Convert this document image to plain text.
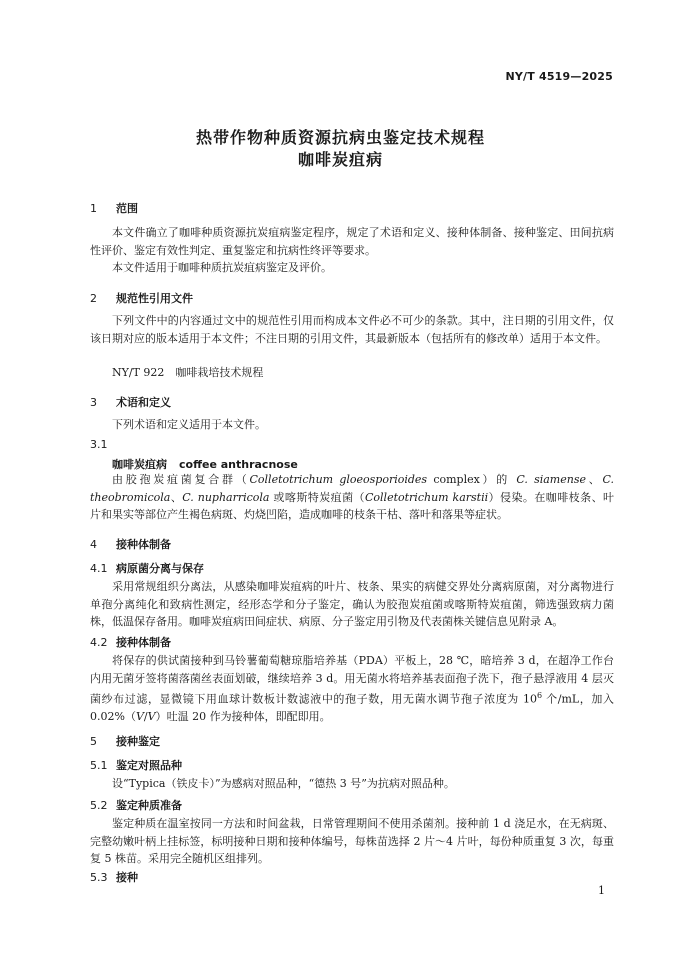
NY/T 4519—2025
热带作物种质资源抗病虫鉴定技术规程
咖啡炭疽病
1 范围

本文件确立了咖啡种质资源抗炭疽病鉴定程序，规定了术语和定义、接种体制备、接种鉴定、田间抗病性评价、鉴定有效性判定、重复鉴定和抗病性终评等要求。

本文件适用于咖啡种质抗炭疽病鉴定及评价。

2 规范性引用文件

下列文件中的内容通过文中的规范性引用而构成本文件必不可少的条款。其中，注日期的引用文件，仅该日期对应的版本适用于本文件；不注日期的引用文件，其最新版本（包括所有的修改单）适用于本文件。

NY/T 922　咖啡栽培技术规程

3 术语和定义

下列术语和定义适用于本文件。

3.1
咖啡炭疽病 coffee anthracnose

由胶孢炭疽菌复合群（Colletotrichum gloeosporioides complex）的 C. siamense、C. theobromicola、C. nupharricola 或喀斯特炭疽菌（Colletotrichum karstii）侵染。在咖啡枝条、叶片和果实等部位产生褐色病斑、灼烧凹陷，造成咖啡的枝条干枯、落叶和落果等症状。

4 接种体制备
4.1 病原菌分离与保存

采用常规组织分离法，从感染咖啡炭疽病的叶片、枝条、果实的病健交界处分离病原菌，对分离物进行单孢分离纯化和致病性测定，经形态学和分子鉴定，确认为胶孢炭疽菌或喀斯特炭疽菌，筛选强致病力菌株，低温保存备用。咖啡炭疽病田间症状、病原、分子鉴定用引物及代表菌株关键信息见附录 A。

4.2 接种体制备

将保存的供试菌接种到马铃薯葡萄糖琼脂培养基（PDA）平板上，28 ℃，暗培养 3 d，在超净工作台内用无菌牙签将菌落菌丝表面划破，继续培养 3 d。用无菌水将培养基表面孢子洗下，孢子悬浮液用 4 层灭菌纱布过滤，显微镜下用血球计数板计数滤液中的孢子数，用无菌水调节孢子浓度为 $10^6$ 个/mL，加入 0.02%（V/V）吐温 20 作为接种体，即配即用。

5 接种鉴定
5.1 鉴定对照品种

设“Typica（铁皮卡）”为感病对照品种，“德热 3 号”为抗病对照品种。

5.2 鉴定种质准备

鉴定种质在温室按同一方法和时间盆栽，日常管理期间不使用杀菌剂。接种前 1 d 浇足水，在无病斑、完整幼嫩叶柄上挂标签，标明接种日期和接种体编号，每株苗选择 2 片～4 片叶，每份种质重复 3 次，每重复 5 株苗。采用完全随机区组排列。

5.3 接种
1
